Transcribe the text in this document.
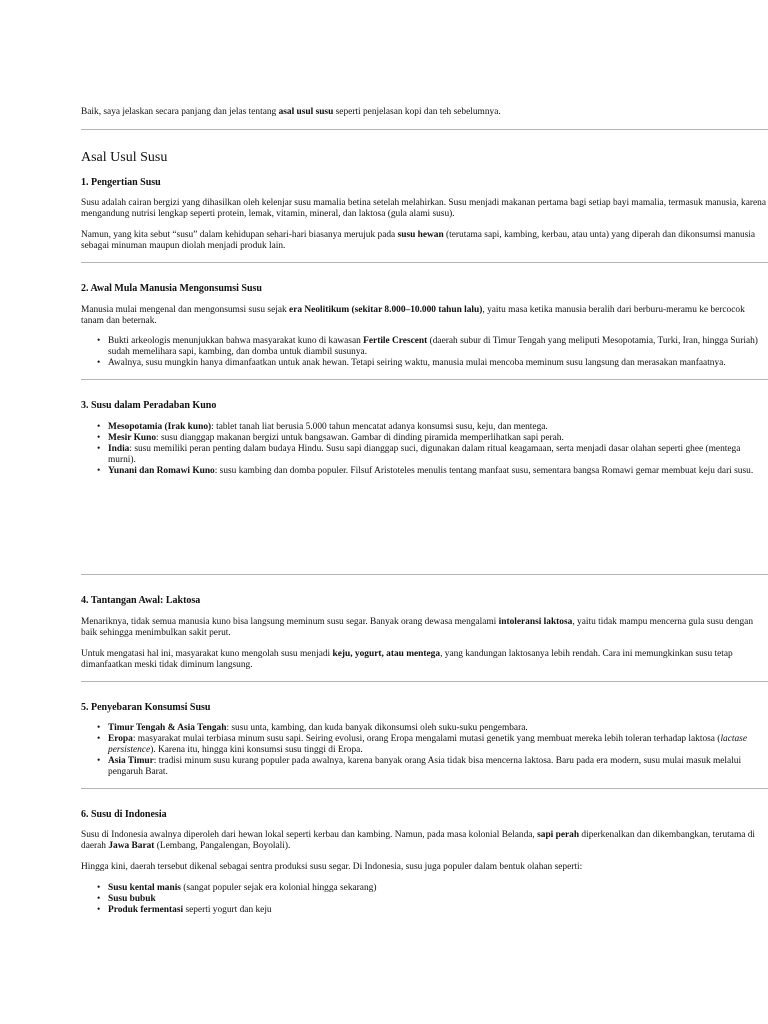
Baik, saya jelaskan secara panjang dan jelas tentang asal usul susu seperti penjelasan kopi dan teh sebelumnya.

Asal Usul Susu
1. Pengertian Susu

Susu adalah cairan bergizi yang dihasilkan oleh kelenjar susu mamalia betina setelah melahirkan. Susu menjadi makanan pertama bagi setiap bayi mamalia, termasuk manusia, karena mengandung nutrisi lengkap seperti protein, lemak, vitamin, mineral, dan laktosa (gula alami susu).

Namun, yang kita sebut “susu” dalam kehidupan sehari-hari biasanya merujuk pada susu hewan (terutama sapi, kambing, kerbau, atau unta) yang diperah dan dikonsumsi manusia sebagai minuman maupun diolah menjadi produk lain.

2. Awal Mula Manusia Mengonsumsi Susu

Manusia mulai mengenal dan mengonsumsi susu sejak era Neolitikum (sekitar 8.000–10.000 tahun lalu), yaitu masa ketika manusia beralih dari berburu-meramu ke bercocok tanam dan beternak.

• Bukti arkeologis menunjukkan bahwa masyarakat kuno di kawasan Fertile Crescent (daerah subur di Timur Tengah yang meliputi Mesopotamia, Turki, Iran, hingga Suriah) sudah memelihara sapi, kambing, dan domba untuk diambil susunya.
• Awalnya, susu mungkin hanya dimanfaatkan untuk anak hewan. Tetapi seiring waktu, manusia mulai mencoba meminum susu langsung dan merasakan manfaatnya.
3. Susu dalam Peradaban Kuno
• Mesopotamia (Irak kuno): tablet tanah liat berusia 5.000 tahun mencatat adanya konsumsi susu, keju, dan mentega.
• Mesir Kuno: susu dianggap makanan bergizi untuk bangsawan. Gambar di dinding piramida memperlihatkan sapi perah.
• India: susu memiliki peran penting dalam budaya Hindu. Susu sapi dianggap suci, digunakan dalam ritual keagamaan, serta menjadi dasar olahan seperti ghee (mentega murni).
• Yunani dan Romawi Kuno: susu kambing dan domba populer. Filsuf Aristoteles menulis tentang manfaat susu, sementara bangsa Romawi gemar membuat keju dari susu.
4. Tantangan Awal: Laktosa

Menariknya, tidak semua manusia kuno bisa langsung meminum susu segar. Banyak orang dewasa mengalami intoleransi laktosa, yaitu tidak mampu mencerna gula susu dengan baik sehingga menimbulkan sakit perut.

Untuk mengatasi hal ini, masyarakat kuno mengolah susu menjadi keju, yogurt, atau mentega, yang kandungan laktosanya lebih rendah. Cara ini memungkinkan susu tetap dimanfaatkan meski tidak diminum langsung.

5. Penyebaran Konsumsi Susu
• Timur Tengah & Asia Tengah: susu unta, kambing, dan kuda banyak dikonsumsi oleh suku-suku pengembara.
• Eropa: masyarakat mulai terbiasa minum susu sapi. Seiring evolusi, orang Eropa mengalami mutasi genetik yang membuat mereka lebih toleran terhadap laktosa (lactase persistence). Karena itu, hingga kini konsumsi susu tinggi di Eropa.
• Asia Timur: tradisi minum susu kurang populer pada awalnya, karena banyak orang Asia tidak bisa mencerna laktosa. Baru pada era modern, susu mulai masuk melalui pengaruh Barat.
6. Susu di Indonesia

Susu di Indonesia awalnya diperoleh dari hewan lokal seperti kerbau dan kambing. Namun, pada masa kolonial Belanda, sapi perah diperkenalkan dan dikembangkan, terutama di daerah Jawa Barat (Lembang, Pangalengan, Boyolali).

Hingga kini, daerah tersebut dikenal sebagai sentra produksi susu segar. Di Indonesia, susu juga populer dalam bentuk olahan seperti:

• Susu kental manis (sangat populer sejak era kolonial hingga sekarang)
• Susu bubuk
• Produk fermentasi seperti yogurt dan keju
